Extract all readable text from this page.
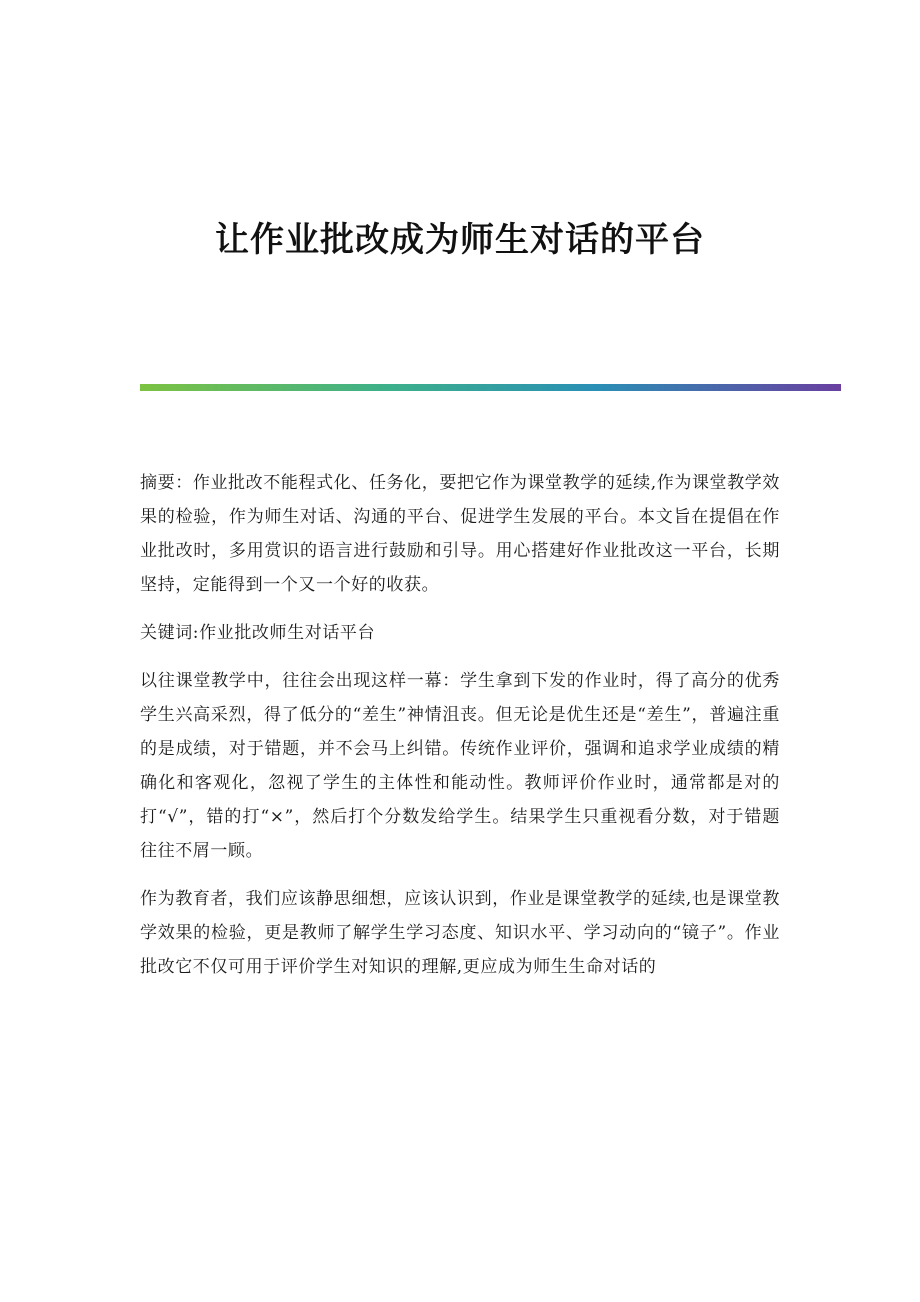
让作业批改成为师生对话的平台

摘要：作业批改不能程式化、任务化，要把它作为课堂教学的延续,作为课堂教学效果的检验，作为师生对话、沟通的平台、促进学生发展的平台。本文旨在提倡在作业批改时，多用赏识的语言进行鼓励和引导。用心搭建好作业批改这一平台，长期坚持，定能得到一个又一个好的收获。

关键词:作业批改师生对话平台

以往课堂教学中，往往会出现这样一幕：学生拿到下发的作业时，得了高分的优秀学生兴高采烈，得了低分的“差生”神情沮丧。但无论是优生还是“差生”，普遍注重的是成绩，对于错题，并不会马上纠错。传统作业评价，强调和追求学业成绩的精确化和客观化，忽视了学生的主体性和能动性。教师评价作业时，通常都是对的打“√”，错的打“×”，然后打个分数发给学生。结果学生只重视看分数，对于错题往往不屑一顾。

作为教育者，我们应该静思细想，应该认识到，作业是课堂教学的延续,也是课堂教学效果的检验，更是教师了解学生学习态度、知识水平、学习动向的“镜子”。作业批改它不仅可用于评价学生对知识的理解,更应成为师生生命对话的
